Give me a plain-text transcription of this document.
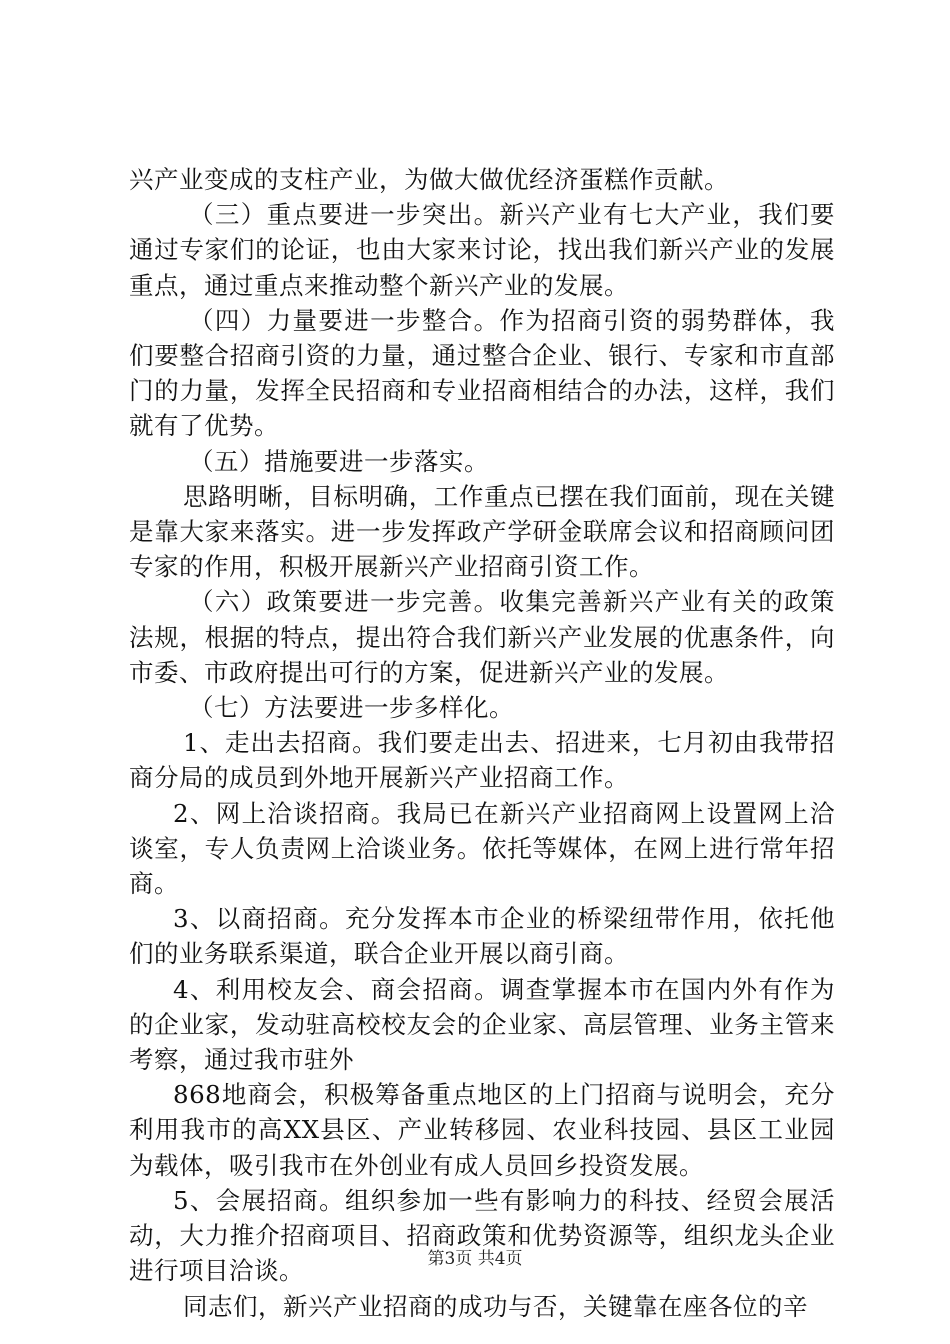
兴产业变成的支柱产业，为做大做优经济蛋糕作贡献。

（三）重点要进一步突出。新兴产业有七大产业，我们要通过专家们的论证，也由大家来讨论，找出我们新兴产业的发展重点，通过重点来推动整个新兴产业的发展。

（四）力量要进一步整合。作为招商引资的弱势群体，我们要整合招商引资的力量，通过整合企业、银行、专家和市直部门的力量，发挥全民招商和专业招商相结合的办法，这样，我们就有了优势。

（五）措施要进一步落实。

思路明晰，目标明确，工作重点已摆在我们面前，现在关键是靠大家来落实。进一步发挥政产学研金联席会议和招商顾问团专家的作用，积极开展新兴产业招商引资工作。

（六）政策要进一步完善。收集完善新兴产业有关的政策法规，根据的特点，提出符合我们新兴产业发展的优惠条件，向市委、市政府提出可行的方案，促进新兴产业的发展。

（七）方法要进一步多样化。

1、走出去招商。我们要走出去、招进来，七月初由我带招商分局的成员到外地开展新兴产业招商工作。

2、网上洽谈招商。我局已在新兴产业招商网上设置网上洽谈室，专人负责网上洽谈业务。依托等媒体，在网上进行常年招商。

3、以商招商。充分发挥本市企业的桥梁纽带作用，依托他们的业务联系渠道，联合企业开展以商引商。

4、利用校友会、商会招商。调查掌握本市在国内外有作为的企业家，发动驻高校校友会的企业家、高层管理、业务主管来考察，通过我市驻外

868地商会，积极筹备重点地区的上门招商与说明会，充分利用我市的高XX县区、产业转移园、农业科技园、县区工业园为载体，吸引我市在外创业有成人员回乡投资发展。

5、会展招商。组织参加一些有影响力的科技、经贸会展活动，大力推介招商项目、招商政策和优势资源等，组织龙头企业进行项目洽谈。

同志们，新兴产业招商的成功与否，关键靠在座各位的辛

第3页 共4页
